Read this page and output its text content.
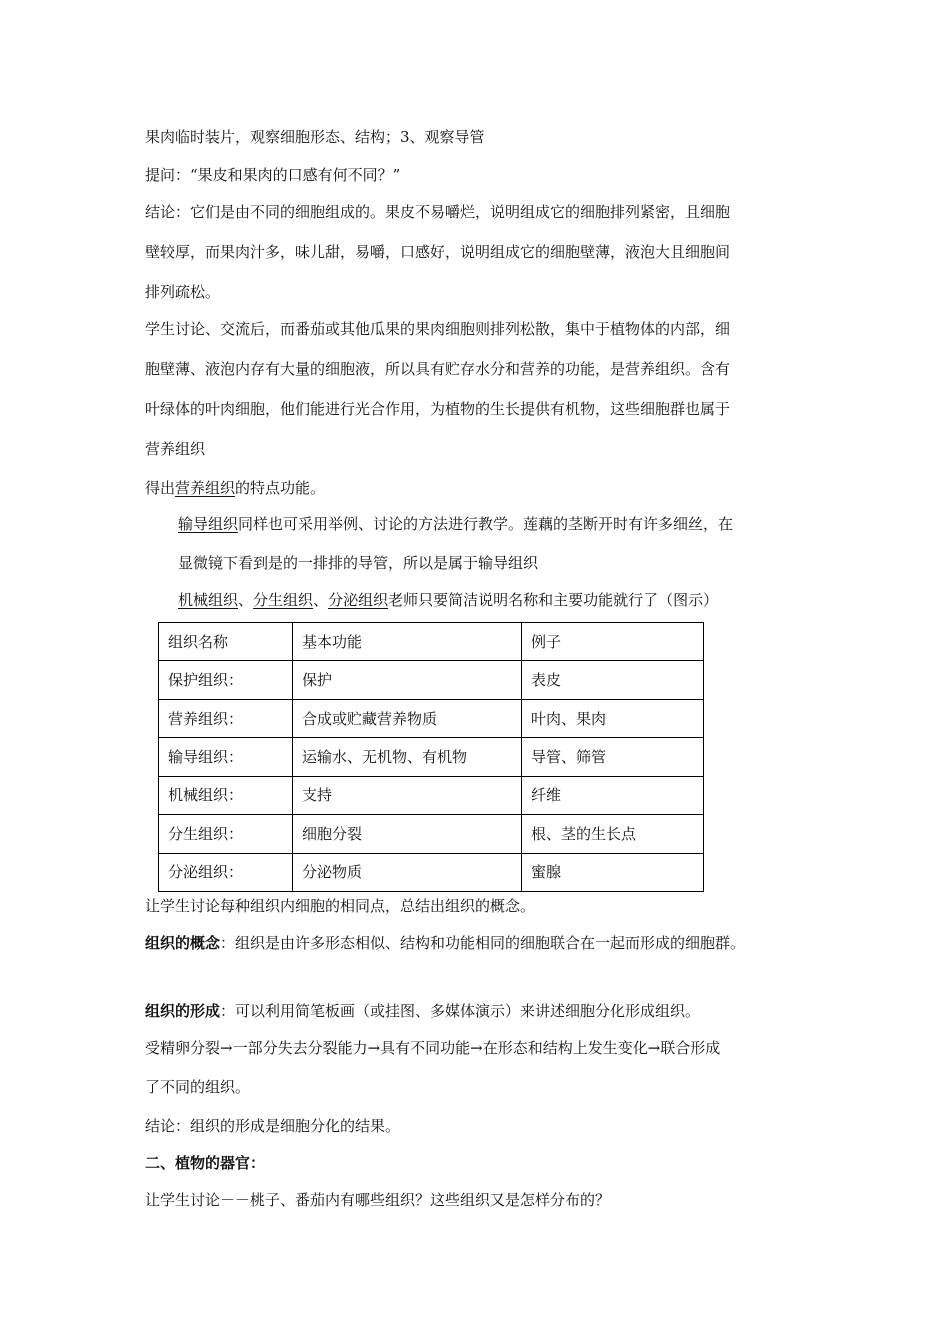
果肉临时装片，观察细胞形态、结构；3、观察导管
提问：“果皮和果肉的口感有何不同？”
结论：它们是由不同的细胞组成的。果皮不易嚼烂，说明组成它的细胞排列紧密，且细胞
壁较厚，而果肉汁多，味儿甜，易嚼，口感好，说明组成它的细胞壁薄，液泡大且细胞间
排列疏松。
学生讨论、交流后，而番茄或其他瓜果的果肉细胞则排列松散，集中于植物体的内部，细
胞壁薄、液泡内存有大量的细胞液，所以具有贮存水分和营养的功能，是营养组织。含有
叶绿体的叶肉细胞，他们能进行光合作用，为植物的生长提供有机物，这些细胞群也属于
营养组织
得出营养组织的特点功能。
输导组织同样也可采用举例、讨论的方法进行教学。莲藕的茎断开时有许多细丝，在
显微镜下看到是的一排排的导管，所以是属于输导组织
机械组织、分生组织、分泌组织老师只要简洁说明名称和主要功能就行了（图示）
组织名称	基本功能	例子
保护组织：	保护	表皮
营养组织：	合成或贮藏营养物质	叶肉、果肉
输导组织：	运输水、无机物、有机物	导管、筛管
机械组织：	支持	纤维
分生组织：	细胞分裂	根、茎的生长点
分泌组织：	分泌物质	蜜腺
让学生讨论每种组织内细胞的相同点，总结出组织的概念。
组织的概念：组织是由许多形态相似、结构和功能相同的细胞联合在一起而形成的细胞群。
组织的形成：可以利用简笔板画（或挂图、多媒体演示）来讲述细胞分化形成组织。
受精卵分裂→一部分失去分裂能力→具有不同功能→在形态和结构上发生变化→联合形成
了不同的组织。
结论：组织的形成是细胞分化的结果。
二、植物的器官：
让学生讨论－－桃子、番茄内有哪些组织？这些组织又是怎样分布的？
